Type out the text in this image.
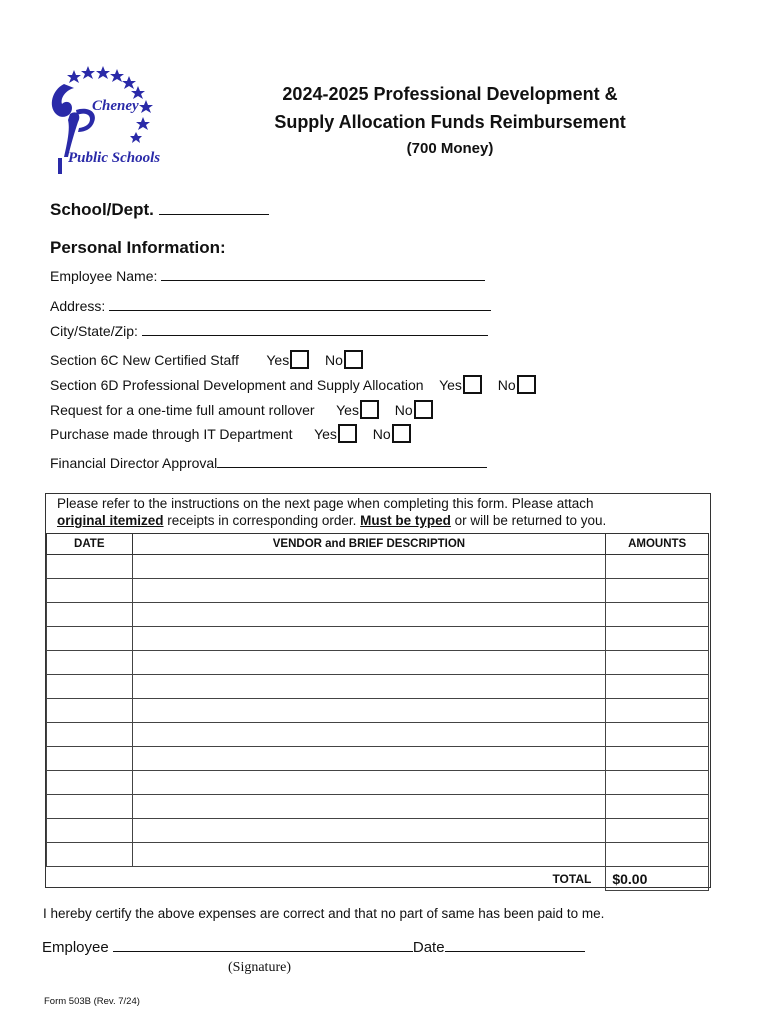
Cheney
Public Schools
2024-2025 Professional Development &
Supply Allocation Funds Reimbursement
(700 Money)
School/Dept.
Personal Information:
Employee Name:
Address:
City/State/Zip:
Section 6C New Certified Staff Yes	No
Section 6D Professional Development and Supply Allocation Yes	No
Request for a one-time full amount rollover Yes	No
Purchase made through IT Department Yes	No
Financial Director Approval
Please refer to the instructions on the next page when completing this form. Please attach
original itemized receipts in corresponding order. Must be typed or will be returned to you.
DATE	VENDOR and BRIEF DESCRIPTION	AMOUNTS

	TOTAL	$0.00
I hereby certify the above expenses are correct and that no part of same has been paid to me.
Employee	Date
(Signature)
Form 503B (Rev. 7/24)
